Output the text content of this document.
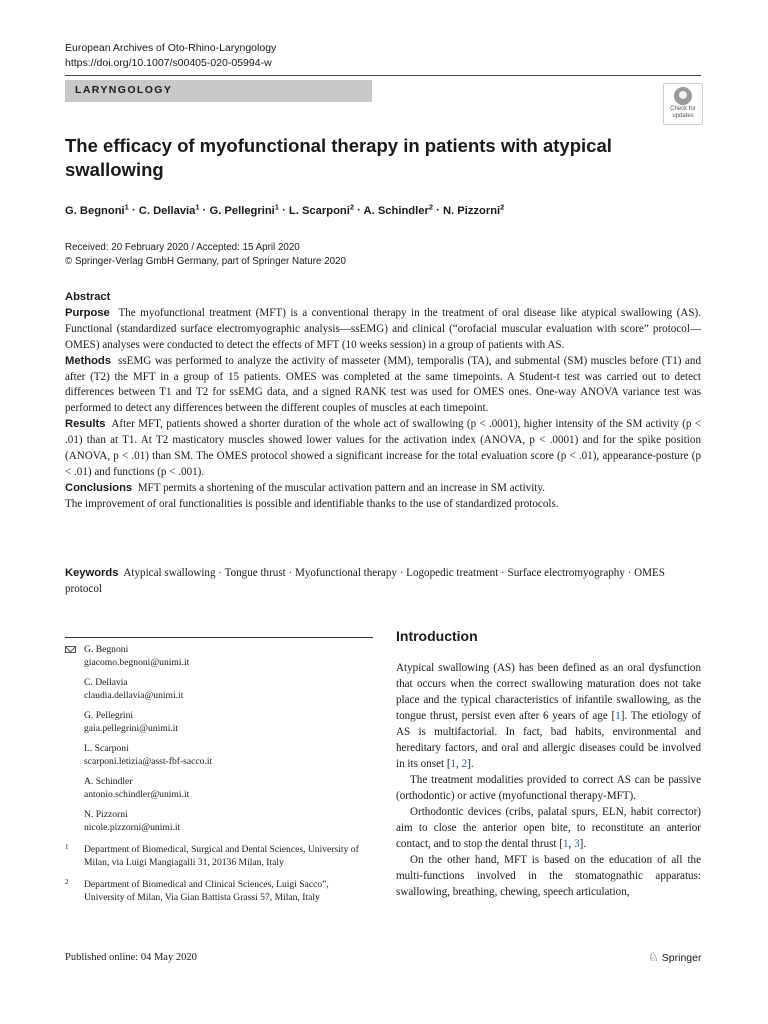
European Archives of Oto-Rhino-Laryngology
https://doi.org/10.1007/s00405-020-05994-w
LARYNGOLOGY
Check for
updates
The efficacy of myofunctional therapy in patients with atypical swallowing
G. Begnoni$^1$ · C. Dellavia$^1$ · G. Pellegrini$^1$ · L. Scarponi$^2$ · A. Schindler$^2$ · N. Pizzorni$^2$
Received: 20 February 2020 / Accepted: 15 April 2020
© Springer-Verlag GmbH Germany, part of Springer Nature 2020
Abstract

Purpose The myofunctional treatment (MFT) is a conventional therapy in the treatment of oral disease like atypical swallowing (AS). Functional (standardized surface electromyographic analysis—ssEMG) and clinical (“orofacial muscular evaluation with score” protocol—OMES) analyses were conducted to detect the effects of MFT (10 weeks session) in a group of patients with AS.

Methods ssEMG was performed to analyze the activity of masseter (MM), temporalis (TA), and submental (SM) muscles before (T1) and after (T2) the MFT in a group of 15 patients. OMES was completed at the same timepoints. A Student-t test was carried out to detect differences between T1 and T2 for ssEMG data, and a signed RANK test was used for OMES ones. One-way ANOVA variance test was performed to detect any differences between the different couples of muscles at each timepoint.

Results After MFT, patients showed a shorter duration of the whole act of swallowing (p < .0001), higher intensity of the SM activity (p < .01) than at T1. At T2 masticatory muscles showed lower values for the activation index (ANOVA, p < .0001) and for the spike position (ANOVA, p < .01) than SM. The OMES protocol showed a significant increase for the total evaluation score (p < .01), appearance-posture (p < .01) and functions (p < .001).

Conclusions MFT permits a shortening of the muscular activation pattern and an increase in SM activity.

The improvement of oral functionalities is possible and identifiable thanks to the use of standardized protocols.

Keywords Atypical swallowing · Tongue thrust · Myofunctional therapy · Logopedic treatment · Surface electromyography · OMES protocol
G. Begnoni
giacomo.begnoni@unimi.it
C. Dellavia
claudia.dellavia@unimi.it
G. Pellegrini
gaia.pellegrini@unimi.it
L. Scarponi
scarponi.letizia@asst-fbf-sacco.it
A. Schindler
antonio.schindler@unimi.it
N. Pizzorni
nicole.pizzorni@unimi.it
1 Department of Biomedical, Surgical and Dental Sciences, University of Milan, via Luigi Mangiagalli 31, 20136 Milan, Italy
2 Department of Biomedical and Clinical Sciences, Luigi Sacco”, University of Milan, Via Gian Battista Grassi 57, Milan, Italy
Introduction

Atypical swallowing (AS) has been defined as an oral dysfunction that occurs when the correct swallowing maturation does not take place and the typical characteristics of infantile swallowing, as the tongue thrust, persist even after 6 years of age [1]. The etiology of AS is multifactorial. In fact, bad habits, environmental and hereditary factors, and oral and allergic diseases could be involved in its onset [1, 2].

The treatment modalities provided to correct AS can be passive (orthodontic) or active (myofunctional therapy-MFT).

Orthodontic devices (cribs, palatal spurs, ELN, habit corrector) aim to close the anterior open bite, to reconstitute an anterior contact, and to stop the dental thrust [1, 3].

On the other hand, MFT is based on the education of all the multi-functions involved in the stomatognathic apparatus: swallowing, breathing, chewing, speech articulation,

Published online: 04 May 2020	♘ Springer
